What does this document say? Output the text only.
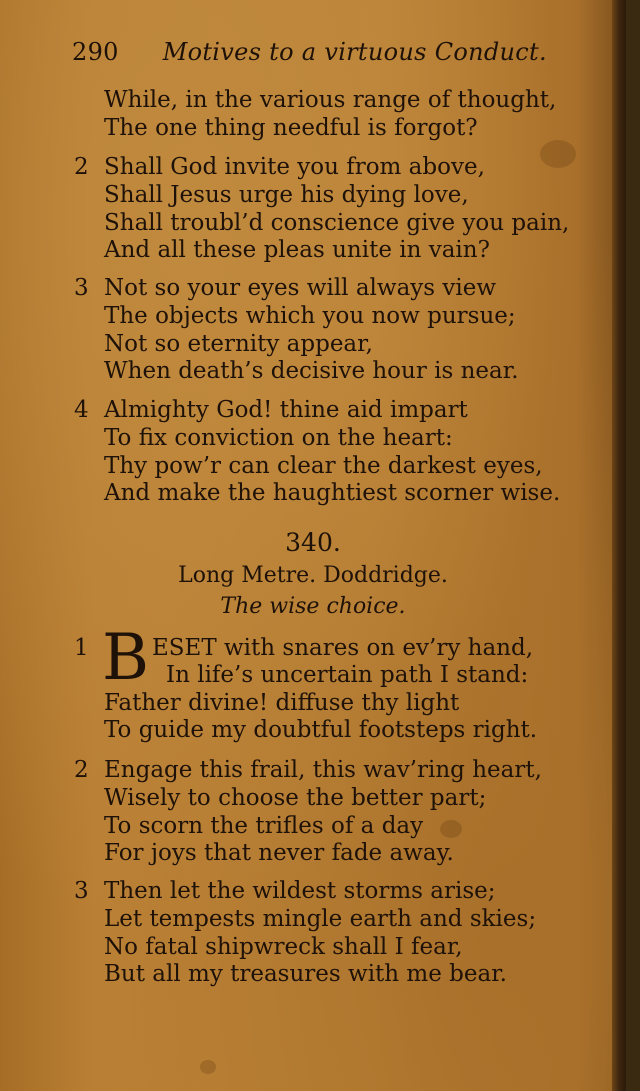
290 Motives to a virtuous Conduct.
While, in the various range of thought,
The one thing needful is forgot?
2 Shall God invite you from above,
Shall Jesus urge his dying love,
Shall troubl’d conscience give you pain,
And all these pleas unite in vain?
3 Not so your eyes will always view
The objects which you now pursue;
Not so eternity appear,
When death’s decisive hour is near.
4 Almighty God! thine aid impart
To fix conviction on the heart:
Thy pow’r can clear the darkest eyes,
And make the haughtiest scorner wise.
340.
Long Metre. Doddridge.
The wise choice.
1 B ESET with snares on ev’ry hand,
In life’s uncertain path I stand:
Father divine! diffuse thy light
To guide my doubtful footsteps right.
2 Engage this frail, this wav’ring heart,
Wisely to choose the better part;
To scorn the trifles of a day
For joys that never fade away.
3 Then let the wildest storms arise;
Let tempests mingle earth and skies;
No fatal shipwreck shall I fear,
But all my treasures with me bear.
